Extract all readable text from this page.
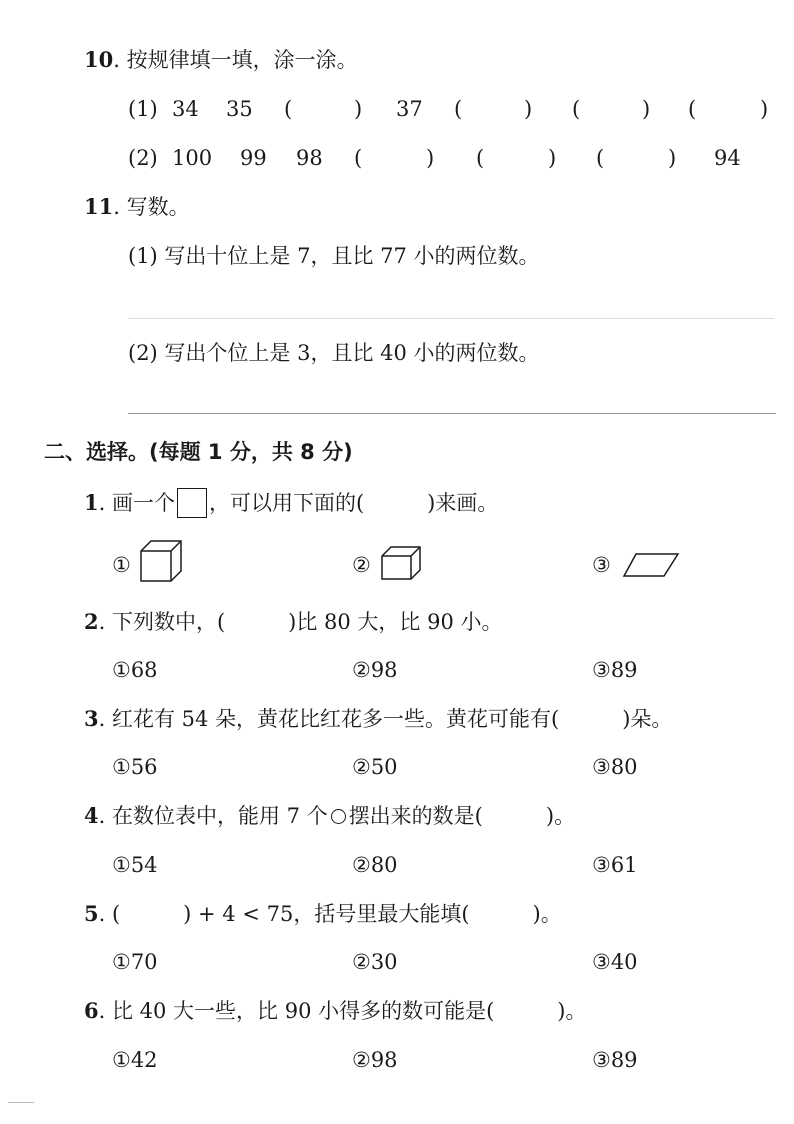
10. 按规律填一填，涂一涂。
(1) 34 35 (	) 37 (	) (	) (	)
(2) 100 99 98 (	) (	) (	) 94
11. 写数。
(1) 写出十位上是 7，且比 77 小的两位数。
(2) 写出个位上是 3，且比 40 小的两位数。
二、选择。(每题 1 分，共 8 分)
1. 画一个 ，可以用下面的(　　　)来画。
①	②	③
2. 下列数中，(　　　)比 80 大，比 90 小。
①68	②98	③89
3. 红花有 54 朵，黄花比红花多一些。黄花可能有(　　　)朵。
①56	②50	③80
4. 在数位表中，能用 7 个 摆出来的数是(　　　)。
①54	②80	③61
5. (　　　) + 4 < 75，括号里最大能填(　　　)。
①70	②30	③40
6. 比 40 大一些，比 90 小得多的数可能是(　　　)。
①42	②98	③89
